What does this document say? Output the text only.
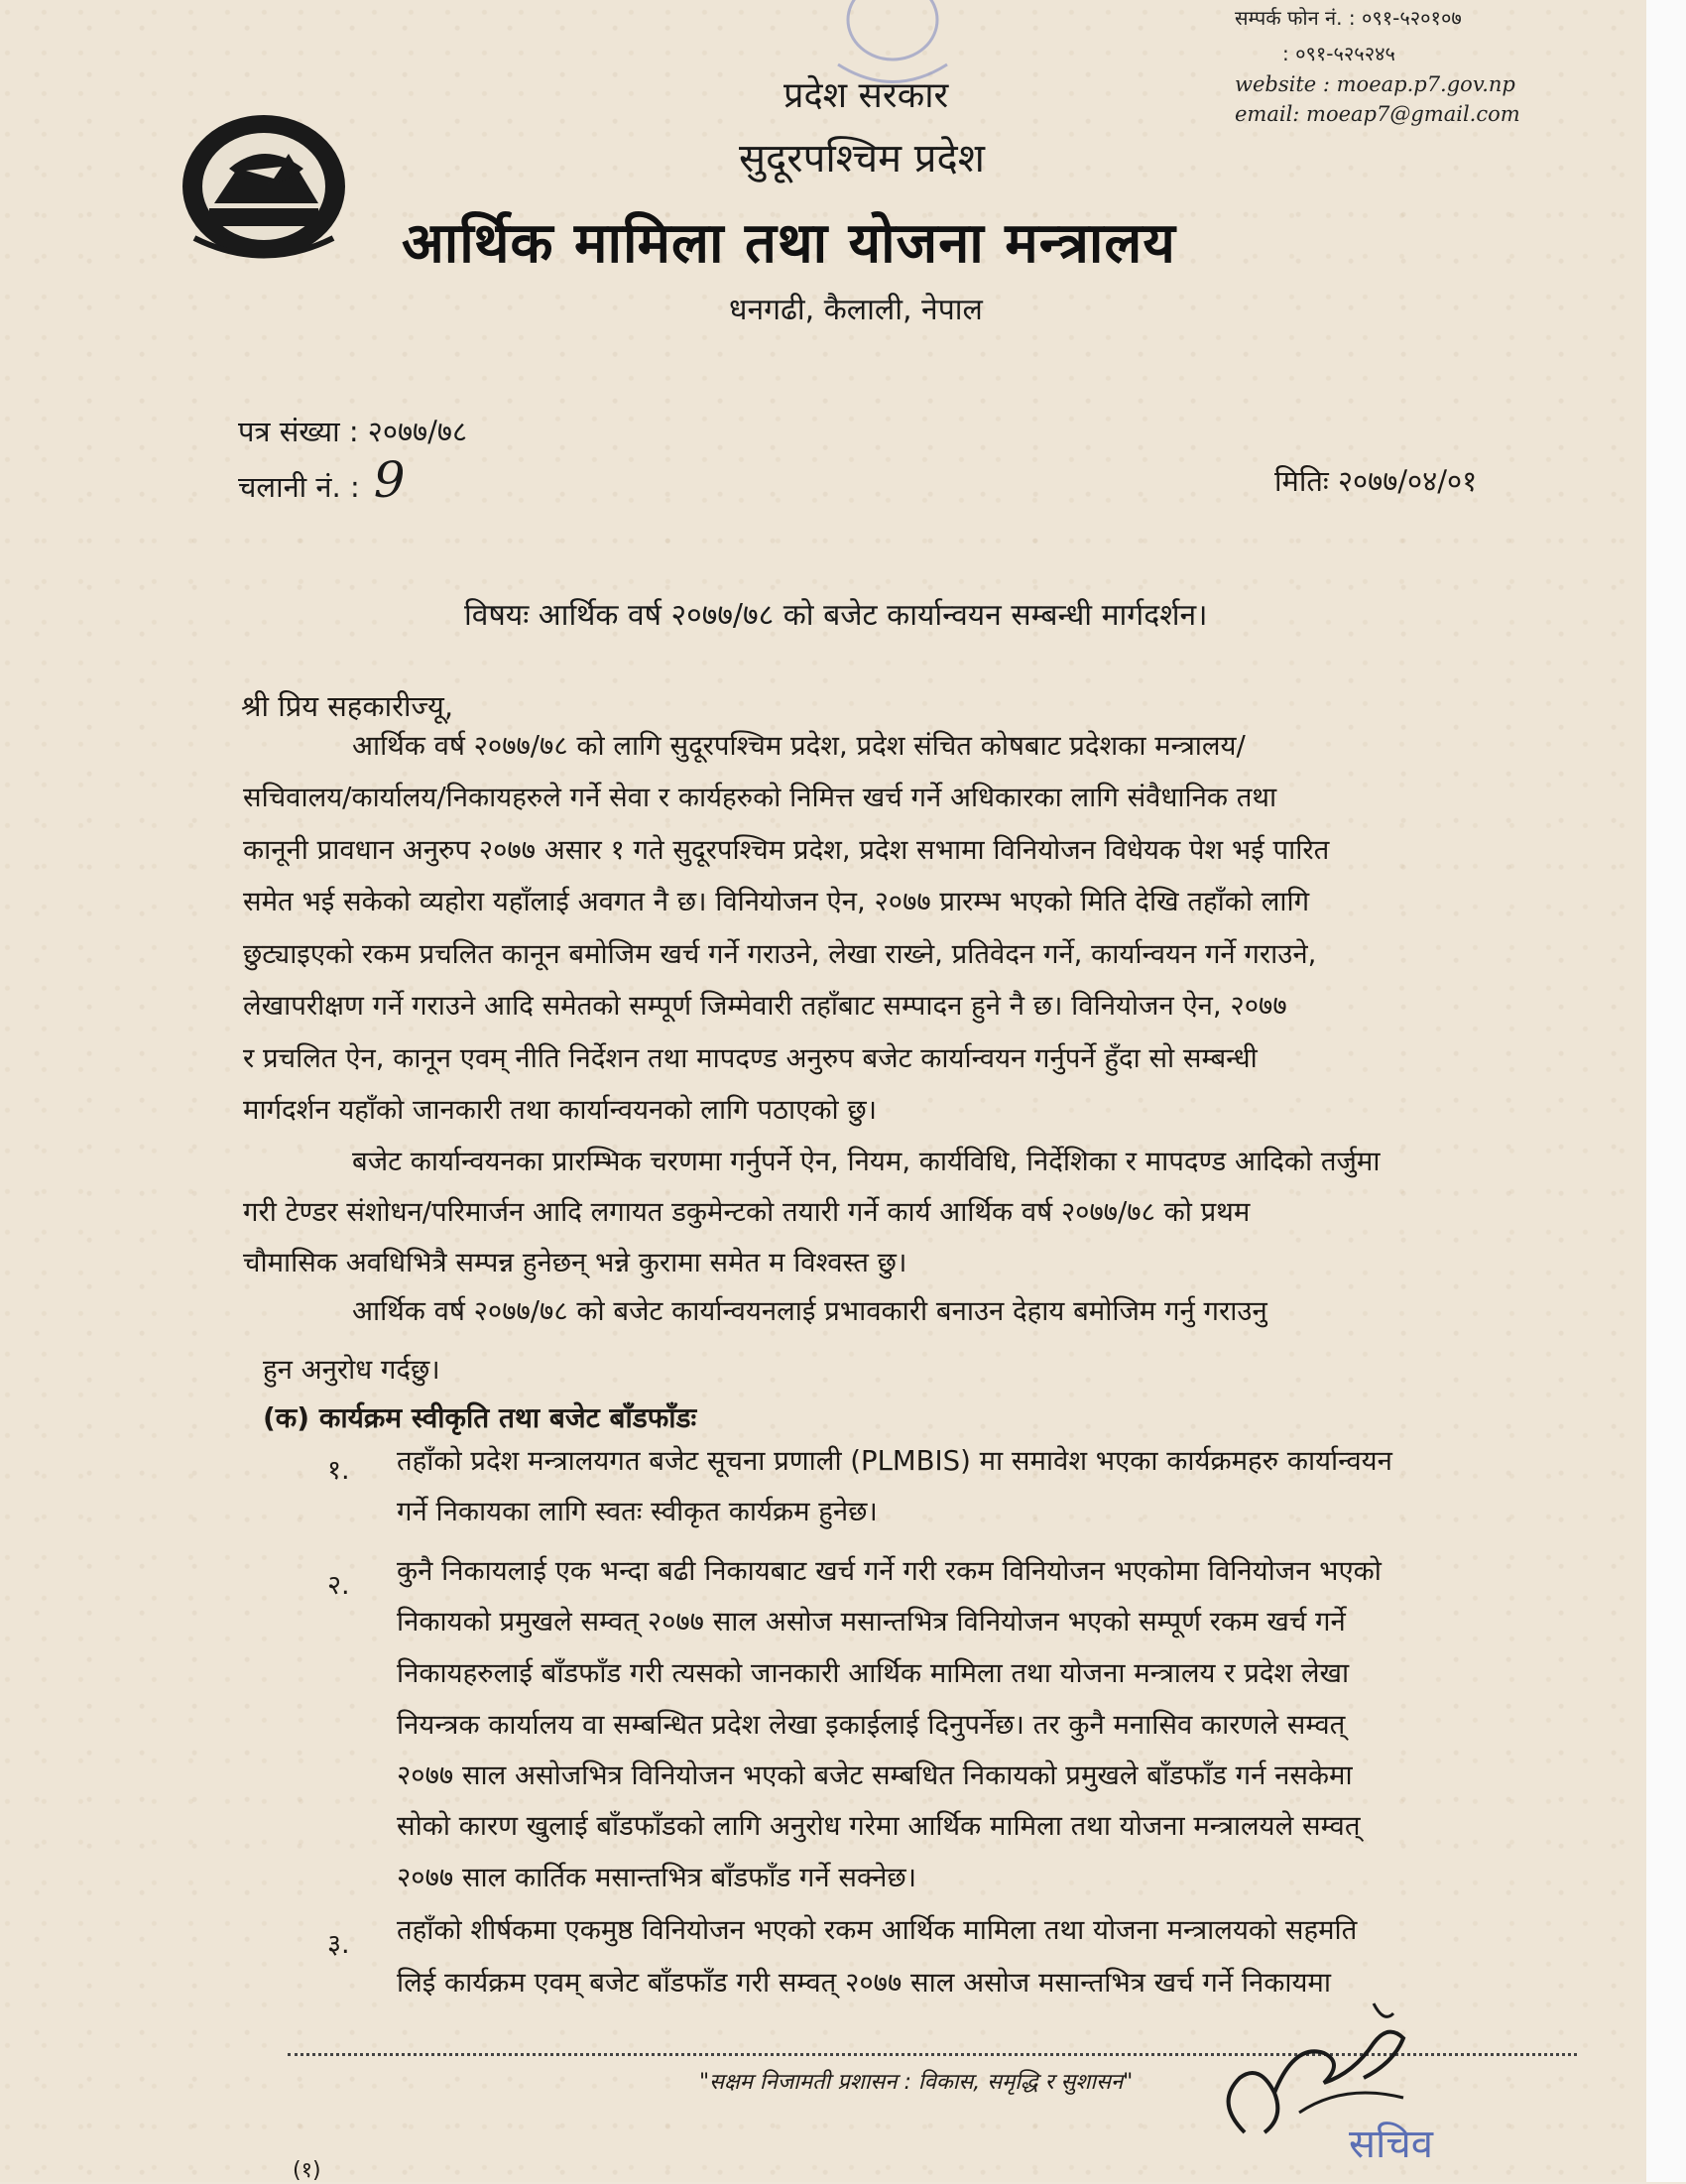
सम्पर्क फोन नं. : ०९१-५२०१०७
: ०९१-५२५२४५
website : moeap.p7.gov.np
email: moeap7@gmail.com
प्रदेश सरकार
सुदूरपश्चिम प्रदेश
आर्थिक मामिला तथा योजना मन्त्रालय
धनगढी, कैलाली, नेपाल
पत्र संख्या : २०७७/७८
चलानी नं. : 9	मितिः २०७७/०४/०१
विषयः आर्थिक वर्ष २०७७/७८ को बजेट कार्यान्वयन सम्बन्धी मार्गदर्शन।
श्री प्रिय सहकारीज्यू,
आर्थिक वर्ष २०७७/७८ को लागि सुदूरपश्चिम प्रदेश, प्रदेश संचित कोषबाट प्रदेशका मन्त्रालय/
सचिवालय/कार्यालय/निकायहरुले गर्ने सेवा र कार्यहरुको निमित्त खर्च गर्ने अधिकारका लागि संवैधानिक तथा
कानूनी प्रावधान अनुरुप २०७७ असार १ गते सुदूरपश्चिम प्रदेश, प्रदेश सभामा विनियोजन विधेयक पेश भई पारित
समेत भई सकेको व्यहोरा यहाँलाई अवगत नै छ। विनियोजन ऐन, २०७७ प्रारम्भ भएको मिति देखि तहाँको लागि
छुट्याइएको रकम प्रचलित कानून बमोजिम खर्च गर्ने गराउने, लेखा राख्ने, प्रतिवेदन गर्ने, कार्यान्वयन गर्ने गराउने,
लेखापरीक्षण गर्ने गराउने आदि समेतको सम्पूर्ण जिम्मेवारी तहाँबाट सम्पादन हुने नै छ। विनियोजन ऐन, २०७७
र प्रचलित ऐन, कानून एवम् नीति निर्देशन तथा मापदण्ड अनुरुप बजेट कार्यान्वयन गर्नुपर्ने हुँदा सो सम्बन्धी
मार्गदर्शन यहाँको जानकारी तथा कार्यान्वयनको लागि पठाएको छु।
बजेट कार्यान्वयनका प्रारम्भिक चरणमा गर्नुपर्ने ऐन, नियम, कार्यविधि, निर्देशिका र मापदण्ड आदिको तर्जुमा
गरी टेण्डर संशोधन/परिमार्जन आदि लगायत डकुमेन्टको तयारी गर्ने कार्य आर्थिक वर्ष २०७७/७८ को प्रथम
चौमासिक अवधिभित्रै सम्पन्न हुनेछन् भन्ने कुरामा समेत म विश्वस्त छु।
आर्थिक वर्ष २०७७/७८ को बजेट कार्यान्वयनलाई प्रभावकारी बनाउन देहाय बमोजिम गर्नु गराउनु
हुन अनुरोध गर्दछु।
(क) कार्यक्रम स्वीकृति तथा बजेट बाँडफाँडः
१. तहाँको प्रदेश मन्त्रालयगत बजेट सूचना प्रणाली (PLMBIS) मा समावेश भएका कार्यक्रमहरु कार्यान्वयन
गर्ने निकायका लागि स्वतः स्वीकृत कार्यक्रम हुनेछ।
२. कुनै निकायलाई एक भन्दा बढी निकायबाट खर्च गर्ने गरी रकम विनियोजन भएकोमा विनियोजन भएको
निकायको प्रमुखले सम्वत् २०७७ साल असोज मसान्तभित्र विनियोजन भएको सम्पूर्ण रकम खर्च गर्ने
निकायहरुलाई बाँडफाँड गरी त्यसको जानकारी आर्थिक मामिला तथा योजना मन्त्रालय र प्रदेश लेखा
नियन्त्रक कार्यालय वा सम्बन्धित प्रदेश लेखा इकाईलाई दिनुपर्नेछ। तर कुनै मनासिव कारणले सम्वत्
२०७७ साल असोजभित्र विनियोजन भएको बजेट सम्बधित निकायको प्रमुखले बाँडफाँड गर्न नसकेमा
सोको कारण खुलाई बाँडफाँडको लागि अनुरोध गरेमा आर्थिक मामिला तथा योजना मन्त्रालयले सम्वत्
२०७७ साल कार्तिक मसान्तभित्र बाँडफाँड गर्ने सक्नेछ।
३. तहाँको शीर्षकमा एकमुष्ठ विनियोजन भएको रकम आर्थिक मामिला तथा योजना मन्त्रालयको सहमति
लिई कार्यक्रम एवम् बजेट बाँडफाँड गरी सम्वत् २०७७ साल असोज मसान्तभित्र खर्च गर्ने निकायमा
"सक्षम निजामती प्रशासन : विकास, समृद्धि र सुशासन"
(१)
सचिव
